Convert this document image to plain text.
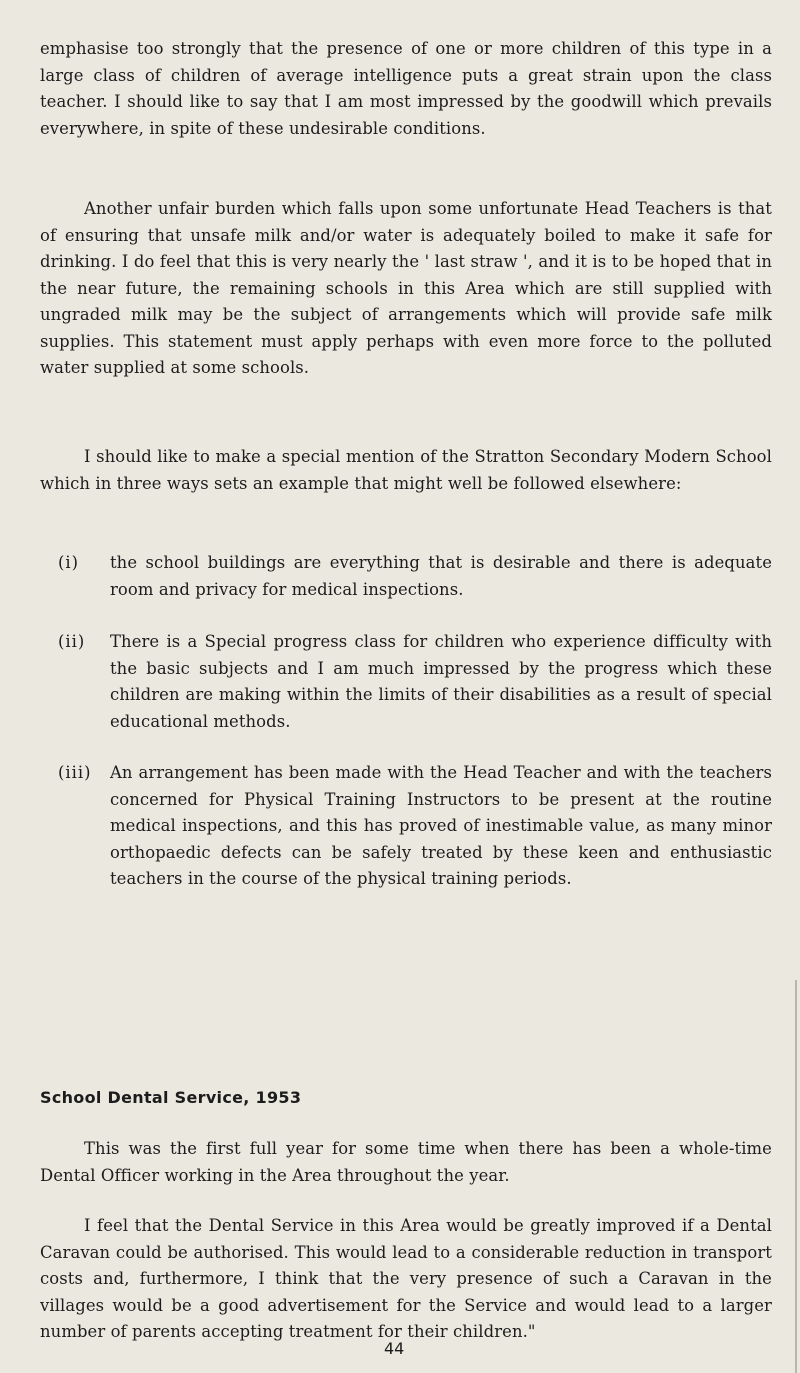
emphasise too strongly that the presence of one or more children of this type in a large class of children of average intelligence puts a great strain upon the class teacher. I should like to say that I am most impressed by the goodwill which prevails everywhere, in spite of these undesirable conditions.

Another unfair burden which falls upon some unfortunate Head Teachers is that of ensuring that unsafe milk and/or water is adequately boiled to make it safe for drinking. I do feel that this is very nearly the ' last straw ', and it is to be hoped that in the near future, the remaining schools in this Area which are still supplied with ungraded milk may be the subject of arrangements which will provide safe milk supplies. This statement must apply perhaps with even more force to the polluted water supplied at some schools.

I should like to make a special mention of the Stratton Secondary Modern School which in three ways sets an example that might well be followed elsewhere:

(i)	the school buildings are everything that is desirable and there is adequate room and privacy for medical inspections.

(ii)	There is a Special progress class for children who experience difficulty with the basic subjects and I am much impressed by the progress which these children are making within the limits of their disabilities as a result of special educational methods.

(iii)	An arrangement has been made with the Head Teacher and with the teachers concerned for Physical Training Instructors to be present at the routine medical inspections, and this has proved of inestimable value, as many minor orthopaedic defects can be safely treated by these keen and enthusiastic teachers in the course of the physical training periods.

School Dental Service, 1953

This was the first full year for some time when there has been a whole-time Dental Officer working in the Area throughout the year.

I feel that the Dental Service in this Area would be greatly improved if a Dental Caravan could be authorised. This would lead to a considerable reduction in transport costs and, furthermore, I think that the very presence of such a Caravan in the villages would be a good advertisement for the Service and would lead to a larger number of parents accepting treatment for their children."

44
